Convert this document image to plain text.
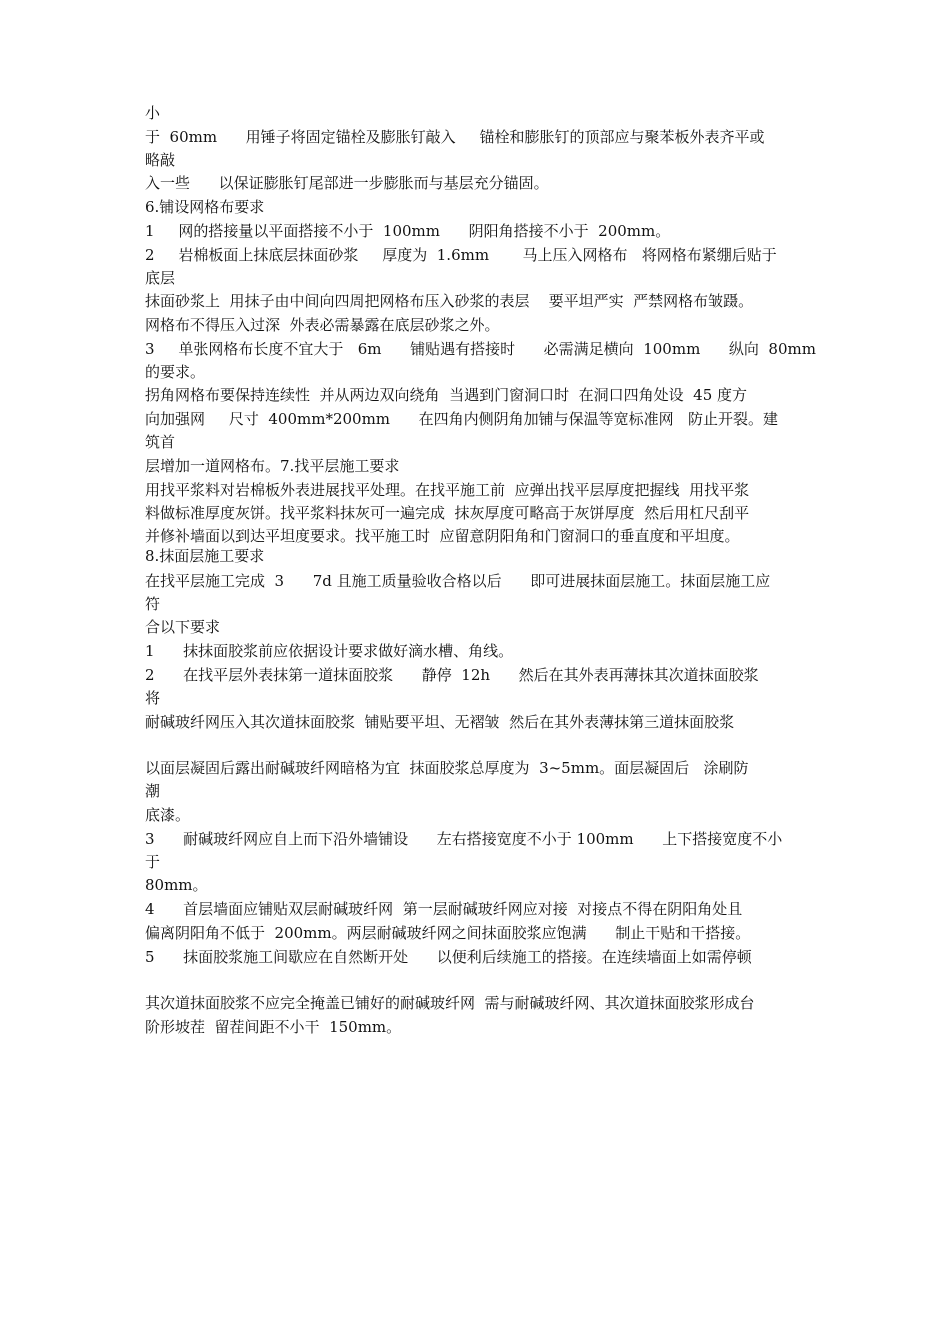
小
于  60mm      用锤子将固定锚栓及膨胀钉敲入     锚栓和膨胀钉的顶部应与聚苯板外表齐平或
略敲
入一些      以保证膨胀钉尾部进一步膨胀而与基层充分锚固。
6.铺设网格布要求
1     网的搭接量以平面搭接不小于  100mm      阴阳角搭接不小于  200mm。
2     岩棉板面上抹底层抹面砂浆     厚度为  1.6mm       马上压入网格布   将网格布紧绷后贴于
底层
抹面砂浆上  用抹子由中间向四周把网格布压入砂浆的表层    要平坦严实  严禁网格布皱蹑。
网格布不得压入过深  外表必需暴露在底层砂浆之外。
3     单张网格布长度不宜大于   6m      铺贴遇有搭接时      必需满足横向  100mm      纵向  80mm
的要求。
拐角网格布要保持连续性  并从两边双向绕角  当遇到门窗洞口时  在洞口四角处设  45 度方
向加强网     尺寸  400mm*200mm      在四角内侧阴角加铺与保温等宽标准网   防止开裂。建
筑首
层增加一道网格布。7.找平层施工要求
用找平浆料对岩棉板外表进展找平处理。在找平施工前  应弹出找平层厚度把握线  用找平浆
料做标准厚度灰饼。找平浆料抹灰可一遍完成  抹灰厚度可略高于灰饼厚度  然后用杠尺刮平
并修补墙面以到达平坦度要求。找平施工时  应留意阴阳角和门窗洞口的垂直度和平坦度。
8.抹面层施工要求
在找平层施工完成  3      7d 且施工质量验收合格以后      即可进展抹面层施工。抹面层施工应
符
合以下要求
1      抹抹面胶浆前应依据设计要求做好滴水槽、角线。
2      在找平层外表抹第一道抹面胶浆      静停  12h      然后在其外表再薄抹其次道抹面胶浆
将
耐碱玻纤网压入其次道抹面胶浆  铺贴要平坦、无褶皱  然后在其外表薄抹第三道抹面胶浆
以面层凝固后露出耐碱玻纤网暗格为宜  抹面胶浆总厚度为  3~5mm。面层凝固后   涂刷防
潮
底漆。
3      耐碱玻纤网应自上而下沿外墙铺设      左右搭接宽度不小于 100mm      上下搭接宽度不小
于
80mm。
4      首层墙面应铺贴双层耐碱玻纤网  第一层耐碱玻纤网应对接  对接点不得在阴阳角处且
偏离阴阳角不低于  200mm。两层耐碱玻纤网之间抹面胶浆应饱满      制止干贴和干搭接。
5      抹面胶浆施工间歇应在自然断开处      以便利后续施工的搭接。在连续墙面上如需停顿
其次道抹面胶浆不应完全掩盖已铺好的耐碱玻纤网  需与耐碱玻纤网、其次道抹面胶浆形成台
阶形坡茬  留茬间距不小干  150mm。
